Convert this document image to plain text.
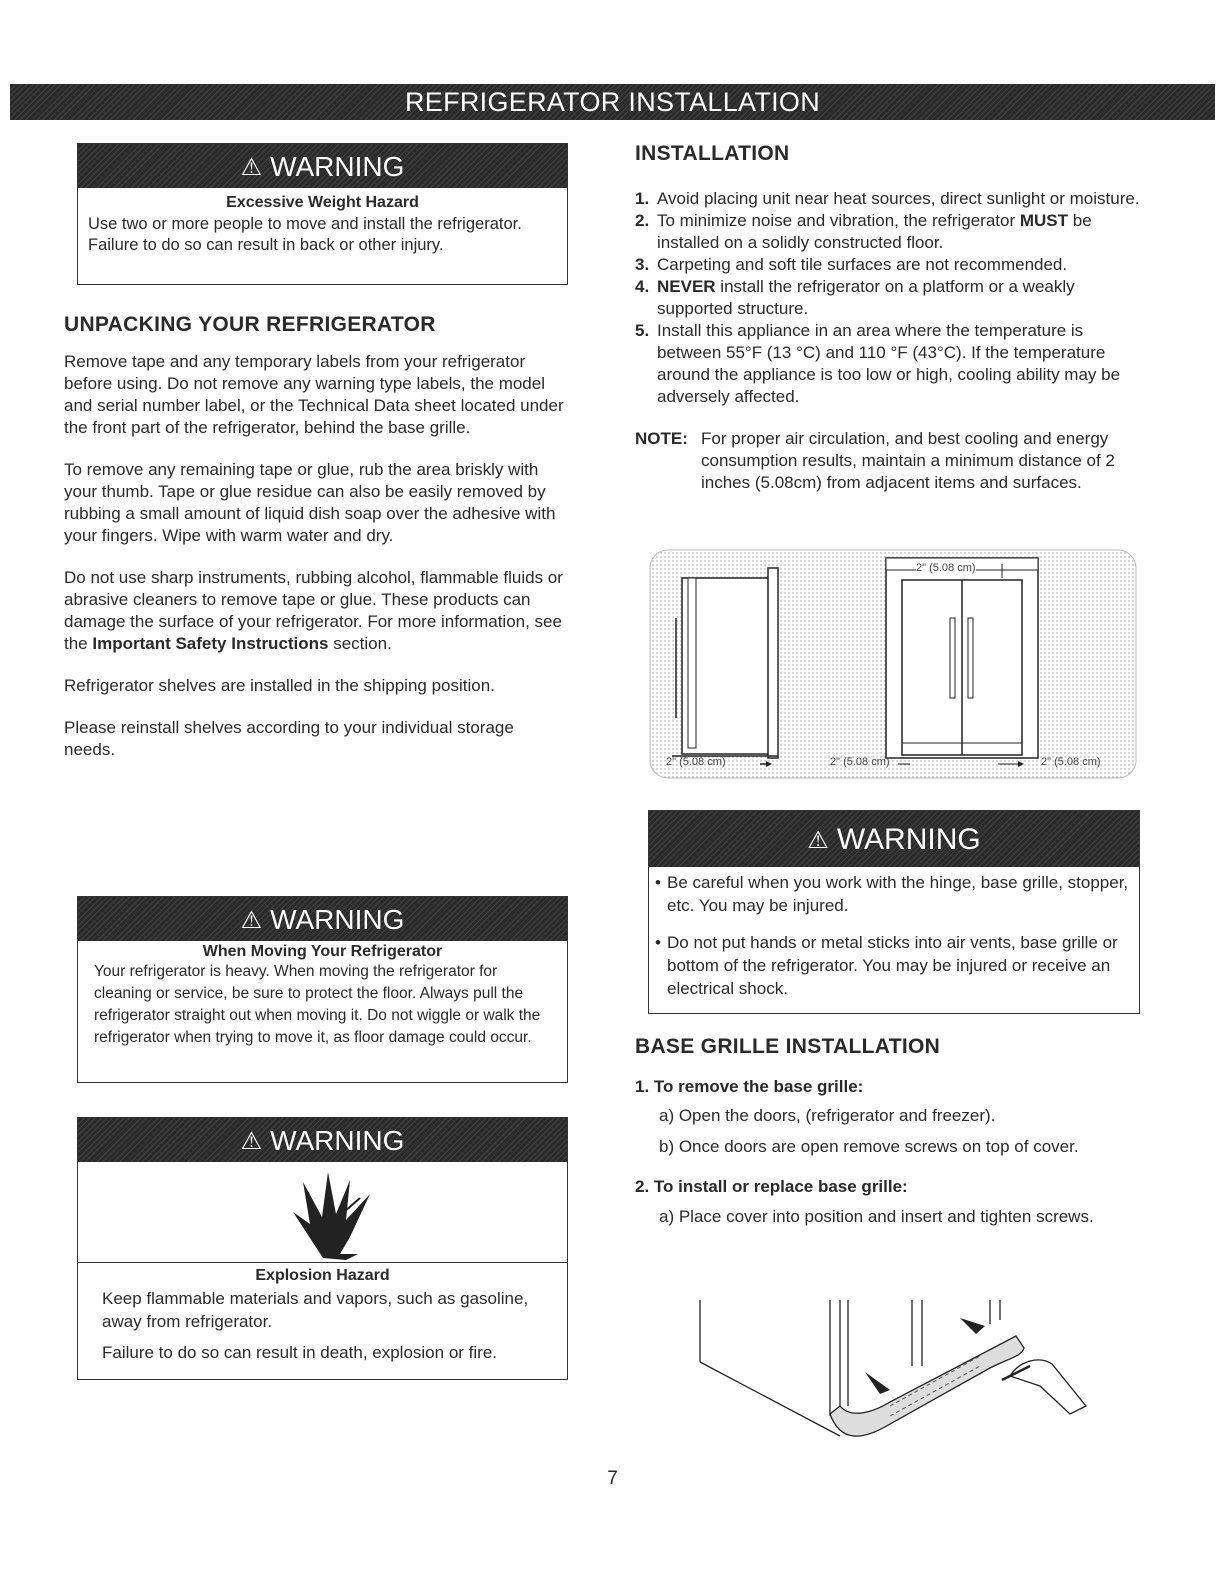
REFRIGERATOR INSTALLATION
⚠ WARNING
Excessive Weight Hazard
Use two or more people to move and install the refrigerator.
Failure to do so can result in back or other injury.
UNPACKING YOUR REFRIGERATOR

Remove tape and any temporary labels from your refrigerator before using. Do not remove any warning type labels, the model and serial number label, or the Technical Data sheet located under the front part of the refrigerator, behind the base grille.

To remove any remaining tape or glue, rub the area briskly with your thumb. Tape or glue residue can also be easily removed by rubbing a small amount of liquid dish soap over the adhesive with your fingers. Wipe with warm water and dry.

Do not use sharp instruments, rubbing alcohol, flammable fluids or abrasive cleaners to remove tape or glue. These products can damage the surface of your refrigerator. For more information, see the Important Safety Instructions section.

Refrigerator shelves are installed in the shipping position.

Please reinstall shelves according to your individual storage needs.

⚠ WARNING
When Moving Your Refrigerator
Your refrigerator is heavy. When moving the refrigerator for cleaning or service, be sure to protect the floor. Always pull the refrigerator straight out when moving it. Do not wiggle or walk the refrigerator when trying to move it, as floor damage could occur.
⚠ WARNING
Explosion Hazard
Keep flammable materials and vapors, such as gasoline, away from refrigerator.
Failure to do so can result in death, explosion or fire.
INSTALLATION
1. Avoid placing unit near heat sources, direct sunlight or moisture.
2. To minimize noise and vibration, the refrigerator MUST be installed on a solidly constructed floor.
3. Carpeting and soft tile surfaces are not recommended.
4. NEVER install the refrigerator on a platform or a weakly supported structure.
5. Install this appliance in an area where the temperature is between 55°F (13 °C) and 110 °F (43°C). If the temperature around the appliance is too low or high, cooling ability may be adversely affected.
NOTE: For proper air circulation, and best cooling and energy consumption results, maintain a minimum distance of 2 inches (5.08cm) from adjacent items and surfaces.
2" (5.08 cm)
2" (5.08 cm)	2" (5.08 cm)	2" (5.08 cm)
⚠ WARNING
• Be careful when you work with the hinge, base grille, stopper, etc. You may be injured.
• Do not put hands or metal sticks into air vents, base grille or bottom of the refrigerator. You may be injured or receive an electrical shock.
BASE GRILLE INSTALLATION
1. To remove the base grille:
a) Open the doors, (refrigerator and freezer).
b) Once doors are open remove screws on top of cover.
2. To install or replace base grille:
a) Place cover into position and insert and tighten screws.
7
